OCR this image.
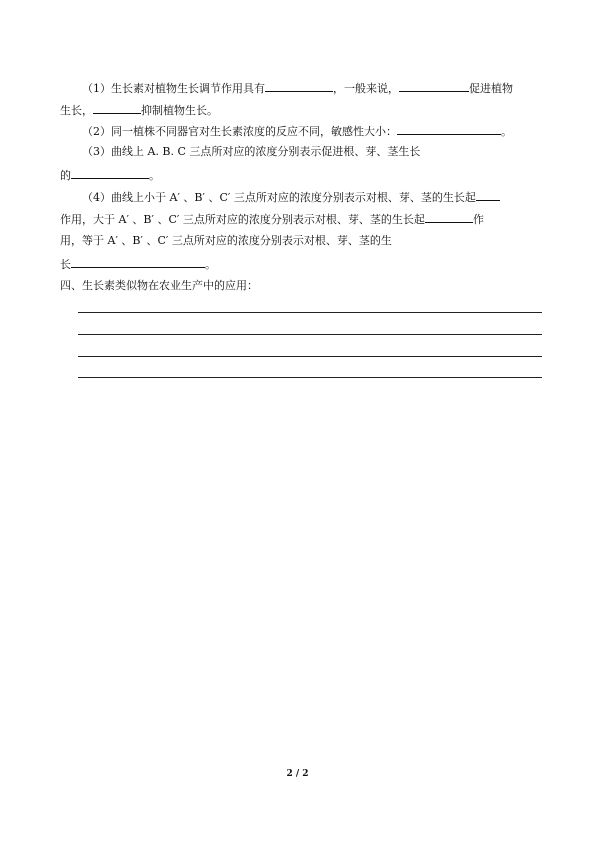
（1）生长素对植物生长调节作用具有	，一般来说，	促进植物
生长，	抑制植物生长。
（2）同一植株不同器官对生长素浓度的反应不同，敏感性大小：	。
（3）曲线上 A. B. C 三点所对应的浓度分别表示促进根、芽、茎生长
的	。
（4）曲线上小于 A′ 、B′ 、C′ 三点所对应的浓度分别表示对根、芽、茎的生长起
作用，大于 A′ 、B′ 、C′ 三点所对应的浓度分别表示对根、芽、茎的生长起	作
用，等于 A′ 、B′ 、C′ 三点所对应的浓度分别表示对根、芽、茎的生
长	。
四、生长素类似物在农业生产中的应用：
2 / 2
